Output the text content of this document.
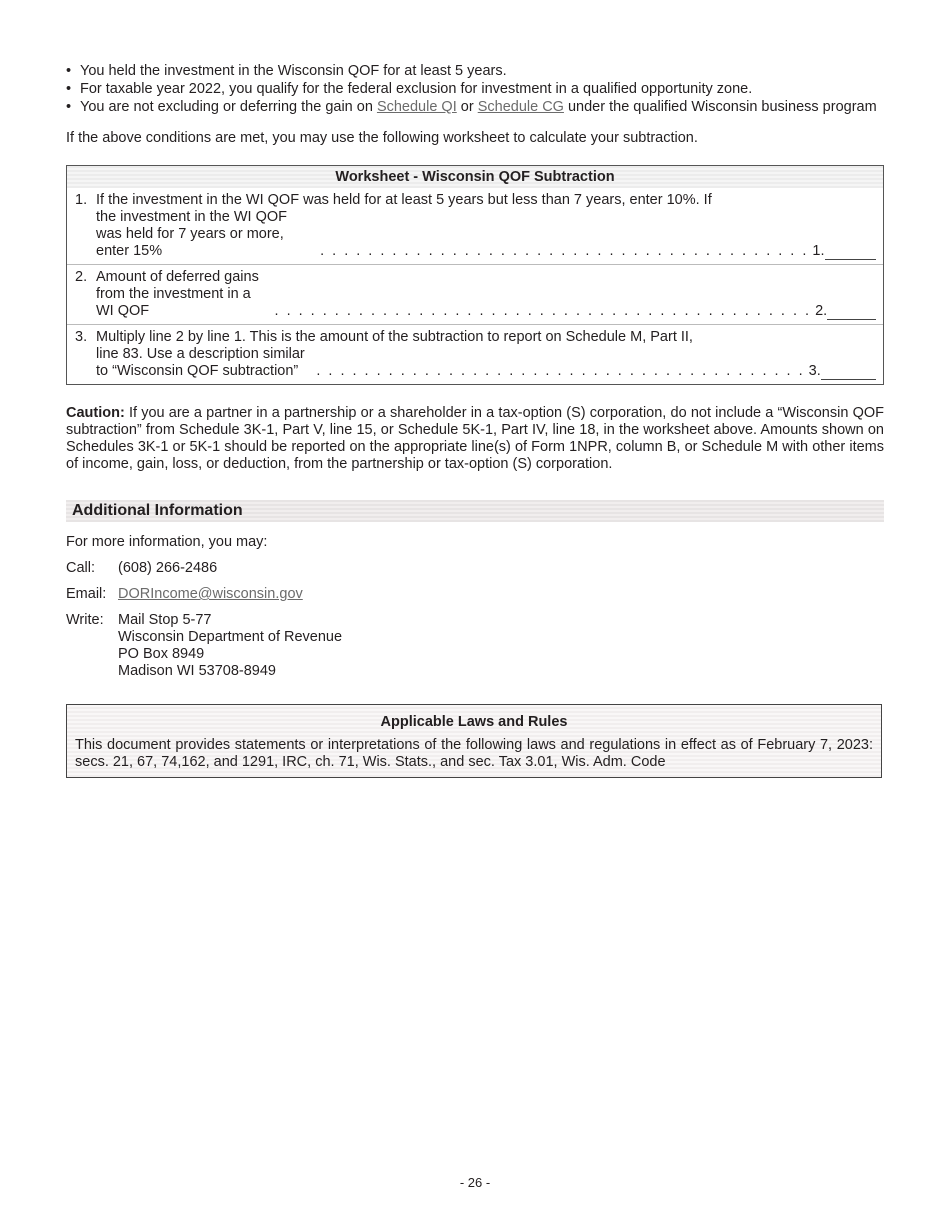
• You held the investment in the Wisconsin QOF for at least 5 years.
• For taxable year 2022, you qualify for the federal exclusion for investment in a qualified opportunity zone.
• You are not excluding or deferring the gain on Schedule QI or Schedule CG under the qualified Wisconsin business program

If the above conditions are met, you may use the following worksheet to calculate your subtraction.

Worksheet - Wisconsin QOF Subtraction
1. If the investment in the WI QOF was held for at least 5 years but less than 7 years, enter 10%. If
the investment in the WI QOF was held for 7 years or more, enter 15%	. . . . . . . . . . . . . . . . . . . . . . . . . . . . . . . . . . . . . . . . . 1.
2. Amount of deferred gains from the investment in a WI QOF	. . . . . . . . . . . . . . . . . . . . . . . . . . . . . . . . . . . . . . . . . . . . . 2.
3. Multiply line 2 by line 1. This is the amount of the subtraction to report on Schedule M, Part II,
line 83. Use a description similar to “Wisconsin QOF subtraction”	. . . . . . . . . . . . . . . . . . . . . . . . . . . . . . . . . . . . . . . . . 3.

Caution: If you are a partner in a partnership or a shareholder in a tax-option (S) corporation, do not include a “Wisconsin QOF subtraction” from Schedule 3K-1, Part V, line 15, or Schedule 5K-1, Part IV, line 18, in the worksheet above. Amounts shown on Schedules 3K-1 or 5K-1 should be reported on the appropriate line(s) of Form 1NPR, column B, or Schedule M with other items of income, gain, loss, or deduction, from the partnership or tax-option (S) corporation.

Additional Information

For more information, you may:

Call:	(608) 266-2486
Email: DORIncome@wisconsin.gov
Write: Mail Stop 5-77
Wisconsin Department of Revenue
PO Box 8949
Madison WI 53708-8949
Applicable Laws and Rules
This document provides statements or interpretations of the following laws and regulations in effect as of February 7, 2023: secs. 21, 67, 74,162, and 1291, IRC, ch. 71, Wis. Stats., and sec. Tax 3.01, Wis. Adm. Code
- 26 -
